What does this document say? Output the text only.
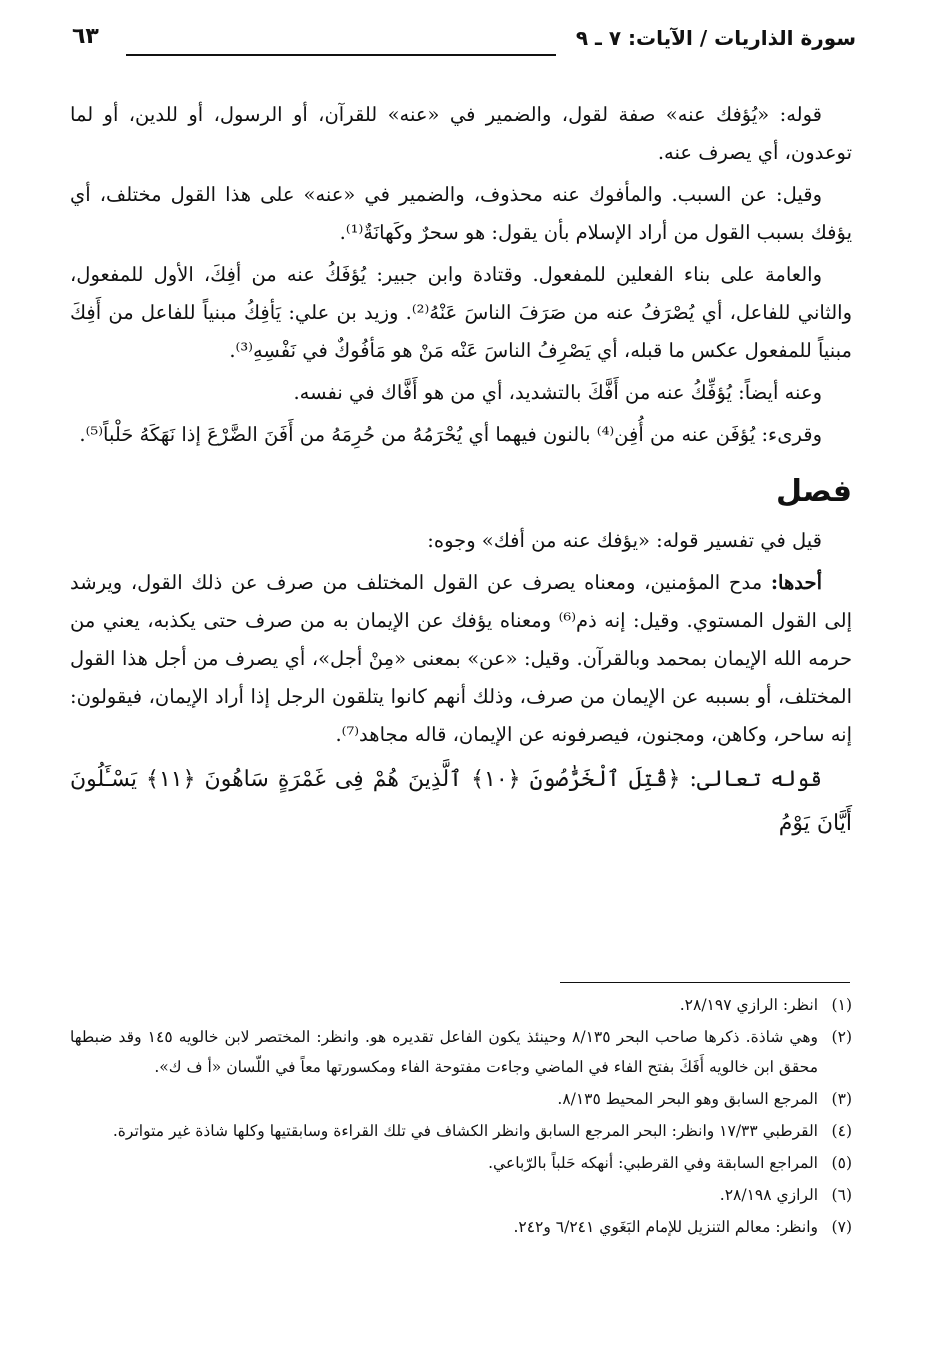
سورة الذاريات / الآيات: ٧ ـ ٩
٦٣

قوله: «يُؤفك عنه» صفة لقول، والضمير في «عنه» للقرآن، أو الرسول، أو للدين، أو لما توعدون، أي يصرف عنه.

وقيل: عن السبب. والمأفوك عنه محذوف، والضمير في «عنه» على هذا القول مختلف، أي يؤفك بسبب القول من أراد الإسلام بأن يقول: هو سحرٌ وكَهانَةٌ⁽¹⁾.

والعامة على بناء الفعلين للمفعول. وقتادة وابن جبير: يُؤفَكُ عنه من أفِكَ، الأول للمفعول، والثاني للفاعل، أي يُصْرَفُ عنه من صَرَفَ الناسَ عَنْهُ⁽²⁾. وزيد بن علي: يَأفِكُ مبنياً للفاعل من أَفِكَ مبنياً للمفعول عكس ما قبله، أي يَصْرِفُ الناسَ عَنْه مَنْ هو مَأفُوكٌ في نَفْسِهِ⁽³⁾.

وعنه أيضاً: يُؤفِّكُ عنه من أَفَّكَ بالتشديد، أي من هو أَفَّاك في نفسه.

وقرىء: يُؤفَن عنه من أُفِن⁽⁴⁾ بالنون فيهما أي يُحْرَمُهُ من حُرِمَهُ من أَفَنَ الضَّرْعَ إذا نَهَكَهُ حَلْباً⁽⁵⁾.

فصل

قيل في تفسير قوله: «يؤفك عنه من أفك» وجوه:

أحدها: مدح المؤمنين، ومعناه يصرف عن القول المختلف من صرف عن ذلك القول، ويرشد إلى القول المستوي. وقيل: إنه ذم⁽⁶⁾ ومعناه يؤفك عن الإيمان به من صرف حتى يكذبه، يعني من حرمه الله الإيمان بمحمد وبالقرآن. وقيل: «عن» بمعنى «مِنْ أجل»، أي يصرف من أجل هذا القول المختلف، أو بسببه عن الإيمان من صرف، وذلك أنهم كانوا يتلقون الرجل إذا أراد الإيمان، فيقولون: إنه ساحر، وكاهن، ومجنون، فيصرفونه عن الإيمان، قاله مجاهد⁽⁷⁾.

قوله تعالى: ﴿قُتِلَ ٱلْخَرَّٰصُونَ ﴿١٠﴾ ٱلَّذِينَ هُمْ فِى غَمْرَةٍ سَاهُونَ ﴿١١﴾ يَسْـَٔلُونَ أَيَّانَ يَوْمُ

(١)
انظر: الرازي ٢٨/١٩٧.
(٢)
وهي شاذة. ذكرها صاحب البحر ٨/١٣٥ وحينئذ يكون الفاعل تقديره هو. وانظر: المختصر لابن خالويه ١٤٥ وقد ضبطها محقق ابن خالويه أَفَكَ بفتح الفاء في الماضي وجاءت مفتوحة الفاء ومكسورتها معاً في اللّسان «أ ف ك».
(٣)
المرجع السابق وهو البحر المحيط ٨/١٣٥.
(٤)
القرطبي ١٧/٣٣ وانظر: البحر المرجع السابق وانظر الكشاف في تلك القراءة وسابقتيها وكلها شاذة غير متواترة.
(٥)
المراجع السابقة وفي القرطبي: أنهكه حَلباً بالرّباعي.
(٦)
الرازي ٢٨/١٩٨.
(٧)
وانظر: معالم التنزيل للإمام البَغَوي ٦/٢٤١ و٢٤٢.
